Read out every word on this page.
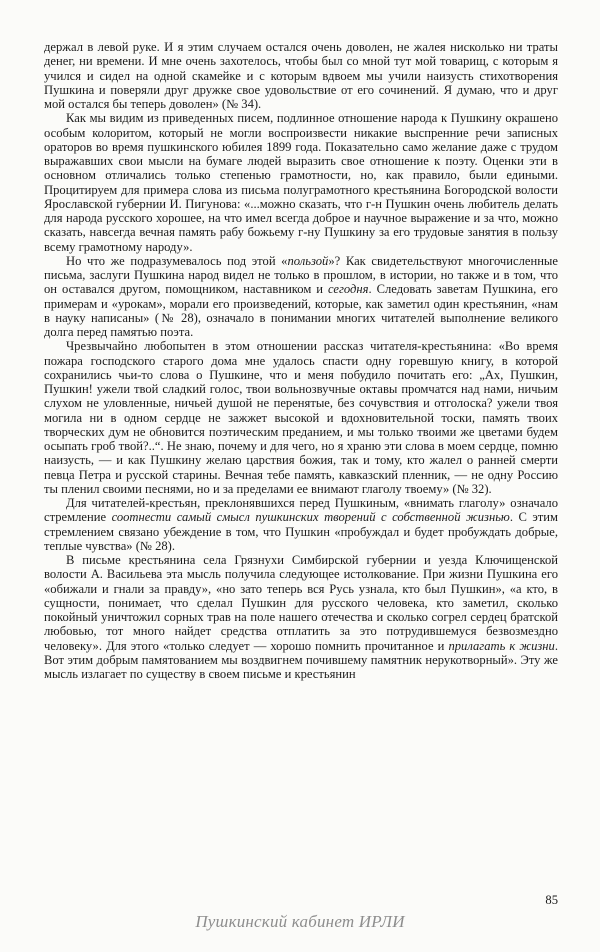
держал в левой руке. И я этим случаем остался очень доволен, не жалея нисколько ни траты денег, ни времени. И мне очень захотелось, чтобы был со мной тут мой товарищ, с которым я учился и сидел на одной скамейке и с которым вдвоем мы учили наизусть стихотворения Пушкина и поверяли друг дружке свое удовольствие от его сочинений. Я думаю, что и друг мой остался бы теперь доволен» (№ 34).

Как мы видим из приведенных писем, подлинное отношение народа к Пушкину окрашено особым колоритом, который не могли воспроизвести никакие выспренние речи записных ораторов во время пушкинского юбилея 1899 года. Показательно само желание даже с трудом выражавших свои мысли на бумаге людей выразить свое отношение к поэту. Оценки эти в основном отличались только степенью грамотности, но, как правило, были едиными. Процитируем для примера слова из письма полуграмотного крестьянина Богородской волости Ярославской губернии И. Пигунова: «...можно сказать, что г-н Пушкин очень любитель делать для народа русского хорошее, на что имел всегда доброе и научное выражение и за что, можно сказать, навсегда вечная память рабу божьему г-ну Пушкину за его трудовые занятия в пользу всему грамотному народу».

Но что же подразумевалось под этой «пользой»? Как свидетельствуют многочисленные письма, заслуги Пушкина народ видел не только в прошлом, в истории, но также и в том, что он оставался другом, помощником, наставником и сегодня. Следовать заветам Пушкина, его примерам и «урокам», морали его произведений, которые, как заметил один крестьянин, «нам в науку написаны» (№ 28), означало в понимании многих читателей выполнение великого долга перед памятью поэта.

Чрезвычайно любопытен в этом отношении рассказ читателя-крестьянина: «Во время пожара господского старого дома мне удалось спасти одну горевшую книгу, в которой сохранились чьи-то слова о Пушкине, что и меня побудило почитать его: „Ах, Пушкин, Пушкин! ужели твой сладкий голос, твои вольнозвучные октавы промчатся над нами, ничьим слухом не уловленные, ничьей душой не перенятые, без сочувствия и отголоска? ужели твоя могила ни в одном сердце не зажжет высокой и вдохновительной тоски, память твоих творческих дум не обновится поэтическим преданием, и мы только твоими же цветами будем осыпать гроб твой?..“. Не знаю, почему и для чего, но я храню эти слова в моем сердце, помню наизусть, — и как Пушкину желаю царствия божия, так и тому, кто жалел о ранней смерти певца Петра и русской старины. Вечная тебе память, кавказский пленник, — не одну Россию ты пленил своими песнями, но и за пределами ее внимают глаголу твоему» (№ 32).

Для читателей-крестьян, преклонявшихся перед Пушкиным, «внимать глаголу» означало стремление соотнести самый смысл пушкинских творений с собственной жизнью. С этим стремлением связано убеждение в том, что Пушкин «пробуждал и будет пробуждать добрые, теплые чувства» (№ 28).

В письме крестьянина села Грязнухи Симбирской губернии и уезда Ключищенской волости А. Васильева эта мысль получила следующее истолкование. При жизни Пушкина его «обижали и гнали за правду», «но зато теперь вся Русь узнала, кто был Пушкин», «а кто, в сущности, понимает, что сделал Пушкин для русского человека, кто заметил, сколько покойный уничтожил сорных трав на поле нашего отечества и сколько согрел сердец братской любовью, тот много найдет средства отплатить за это потрудившемуся безвозмездно человеку». Для этого «только следует — хорошо помнить прочитанное и прилагать к жизни. Вот этим добрым памятованием мы воздвигнем почившему памятник нерукотворный». Эту же мысль излагает по существу в своем письме и крестьянин

85
Пушкинский кабинет ИРЛИ
